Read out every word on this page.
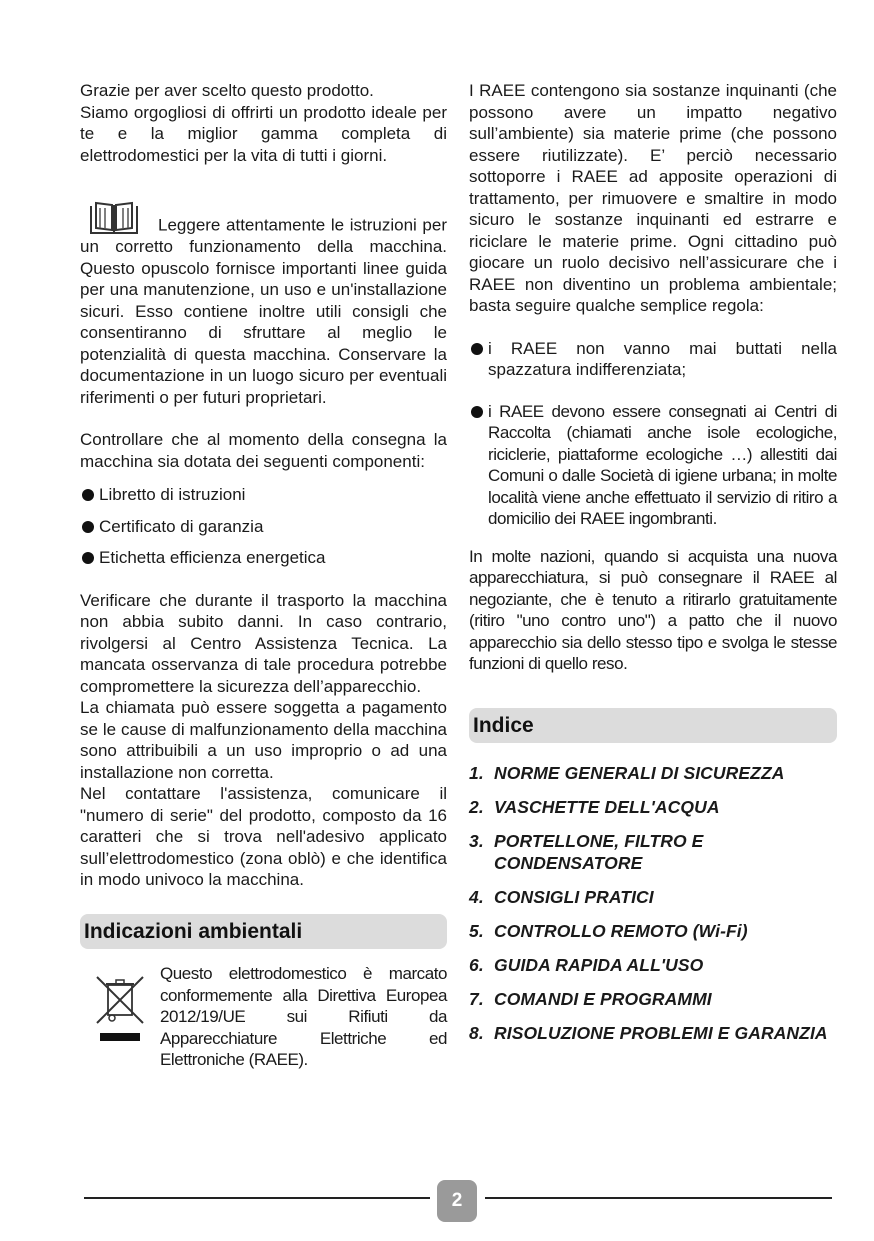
Grazie per aver scelto questo prodotto.

Siamo orgogliosi di offrirti un prodotto ideale per te e la miglior gamma completa di elettrodomestici per la vita di tutti i giorni.

Leggere attentamente le istruzioni per un corretto funzionamento della macchina. Questo opuscolo fornisce importanti linee guida per una manutenzione, un uso e un'installazione sicuri. Esso contiene inoltre utili consigli che consentiranno di sfruttare al meglio le potenzialità di questa macchina. Conservare la documentazione in un luogo sicuro per eventuali riferimenti o per futuri proprietari.

Controllare che al momento della consegna la macchina sia dotata dei seguenti componenti:

Libretto di istruzioni
Certificato di garanzia
Etichetta efficienza energetica

Verificare che durante il trasporto la macchina non abbia subito danni. In caso contrario, rivolgersi al Centro Assistenza Tecnica. La mancata osservanza di tale procedura potrebbe compromettere la sicurezza dell’apparecchio.

La chiamata può essere soggetta a pagamento se le cause di malfunzionamento della macchina sono attribuibili a un uso improprio o ad una installazione non corretta.

Nel contattare l'assistenza, comunicare il "numero di serie" del prodotto, composto da 16 caratteri che si trova nell'adesivo applicato sull’elettrodomestico (zona oblò) e che identifica in modo univoco la macchina.

Indicazioni ambientali

Questo elettrodomestico è marcato conformemente alla Direttiva Europea 2012/19/UE sui Rifiuti da Apparecchiature Elettriche ed Elettroniche (RAEE).

I RAEE contengono sia sostanze inquinanti (che possono avere un impatto negativo sull’ambiente) sia materie prime (che possono essere riutilizzate). E’ perciò necessario sottoporre i RAEE ad apposite operazioni di trattamento, per rimuovere e smaltire in modo sicuro le sostanze inquinanti ed estrarre e riciclare le materie prime. Ogni cittadino può giocare un ruolo decisivo nell’assicurare che i RAEE non diventino un problema ambientale; basta seguire qualche semplice regola:

i RAEE non vanno mai buttati nella spazzatura indifferenziata;
i RAEE devono essere consegnati ai Centri di Raccolta (chiamati anche isole ecologiche, riciclerie, piattaforme ecologiche …) allestiti dai Comuni o dalle Società di igiene urbana; in molte località viene anche effettuato il servizio di ritiro a domicilio dei RAEE ingombranti.

In molte nazioni, quando si acquista una nuova apparecchiatura, si può consegnare il RAEE al negoziante, che è tenuto a ritirarlo gratuitamente (ritiro "uno contro uno") a patto che il nuovo apparecchio sia dello stesso tipo e svolga le stesse funzioni di quello reso.

Indice
1. NORME GENERALI DI SICUREZZA
2. VASCHETTE DELL'ACQUA
3. PORTELLONE, FILTRO E CONDENSATORE
4. CONSIGLI PRATICI
5. CONTROLLO REMOTO (Wi-Fi)
6. GUIDA RAPIDA ALL'USO
7. COMANDI E PROGRAMMI
8. RISOLUZIONE PROBLEMI E GARANZIA
2
